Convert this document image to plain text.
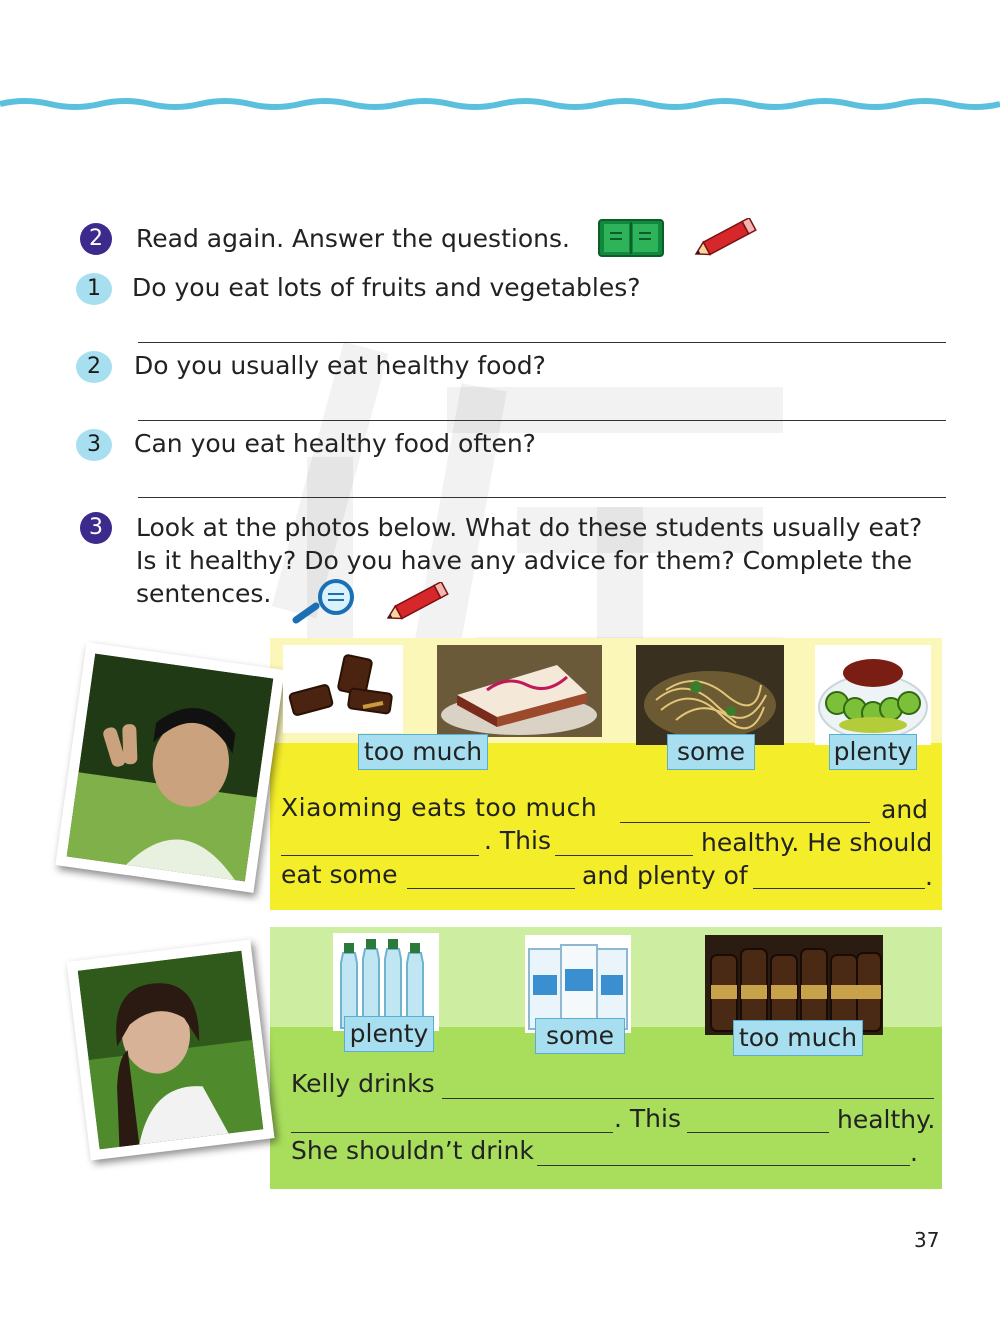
2	Read again. Answer the questions.
1	Do you eat lots of fruits and vegetables?
2	Do you usually eat healthy food?
3	Can you eat healthy food often?
3	Look at the photos below. What do these students usually eat?
Is it healthy? Do you have any advice for them? Complete the
sentences.
too much	some	plenty
Xiaoming eats too much	and
. This	healthy. He should
eat some	and plenty of	.
plenty	some	too much
Kelly drinks
. This	healthy.
She shouldn’t drink	.
37
